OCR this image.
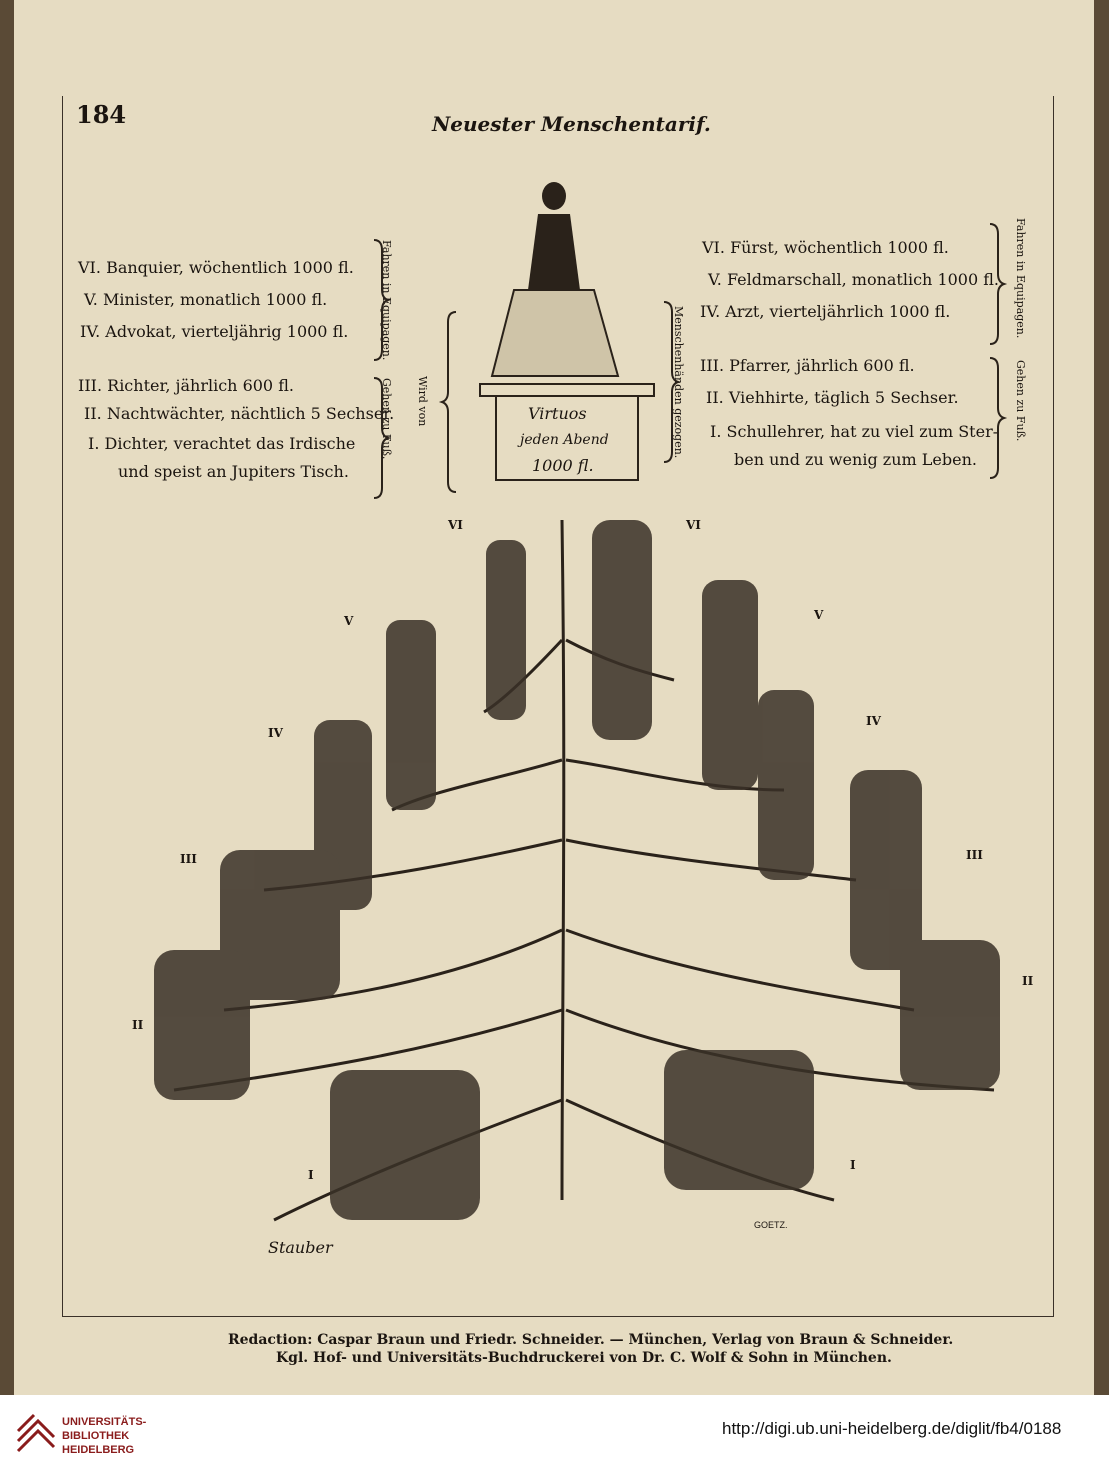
184	Neuester Menschentarif.
VI. Banquier, wöchentlich 1000 fl.
V. Minister, monatlich 1000 fl.
IV. Advokat, vierteljährig 1000 fl.
III. Richter, jährlich 600 fl.
II. Nachtwächter, nächtlich 5 Sechser.
I. Dichter, verachtet das Irdische
und speist an Jupiters Tisch.
VI. Fürst, wöchentlich 1000 fl.
V. Feldmarschall, monatlich 1000 fl.
IV. Arzt, vierteljährlich 1000 fl.
III. Pfarrer, jährlich 600 fl.
II. Viehhirte, täglich 5 Sechser.
I. Schullehrer, hat zu viel zum Ster-
ben und zu wenig zum Leben.
Fahren in Equipagen.
Gehen zu Fuß. Wird von	Menschenhänden gezogen.
Fahren in Equipagen.
Gehen zu Fuß.
Virtuos
jeden Abend
1000 fl.
VI
V
IV
III
II
I
VI
V
IV
III
II
I
Stauber
GOETZ.
Redaction: Caspar Braun und Friedr. Schneider. — München, Verlag von Braun & Schneider.
Kgl. Hof- und Universitäts-Buchdruckerei von Dr. C. Wolf & Sohn in München.
UNIVERSITÄTS-
BIBLIOTHEK
HEIDELBERG
http://digi.ub.uni-heidelberg.de/diglit/fb4/0188
